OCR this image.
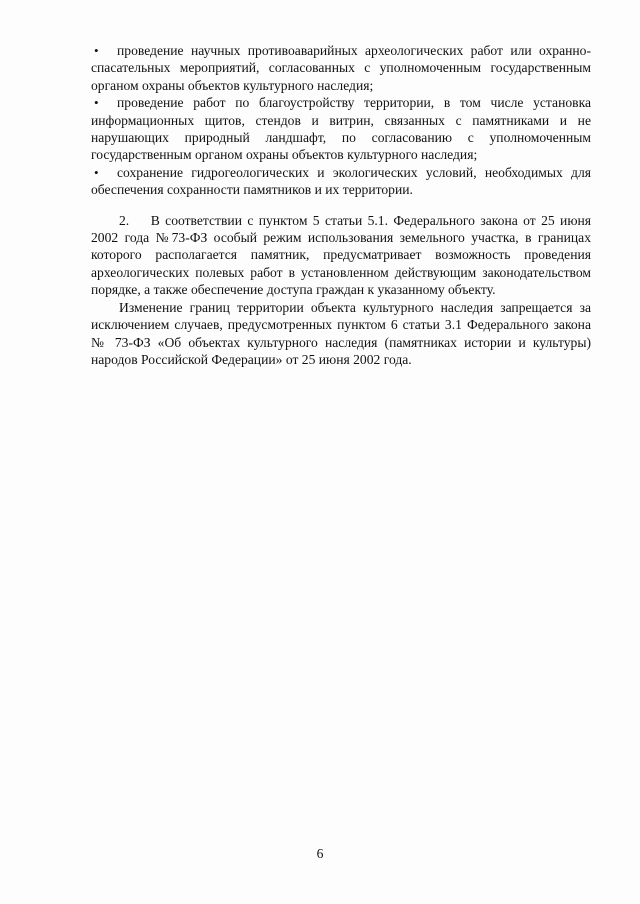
• проведение научных противоаварийных археологических работ или охранно-спасательных мероприятий, согласованных с уполномоченным государственным органом охраны объектов культурного наследия;

• проведение работ по благоустройству территории, в том числе установка информационных щитов, стендов и витрин, связанных с памятниками и не нарушающих природный ландшафт, по согласованию с уполномоченным государственным органом охраны объектов культурного наследия;

• сохранение гидрогеологических и экологических условий, необходимых для обеспечения сохранности памятников и их территории.

2.    В соответствии с пунктом 5 статьи 5.1. Федерального закона от 25 июня 2002 года №73-ФЗ особый режим использования земельного участка, в границах которого располагается памятник, предусматривает возможность проведения археологических полевых работ в установленном действующим законодательством порядке, а также обеспечение доступа граждан к указанному объекту.

Изменение границ территории объекта культурного наследия запрещается за исключением случаев, предусмотренных пунктом 6 статьи 3.1 Федерального закона № 73-ФЗ «Об объектах культурного наследия (памятниках истории и культуры) народов Российской Федерации» от 25 июня 2002 года.

6
